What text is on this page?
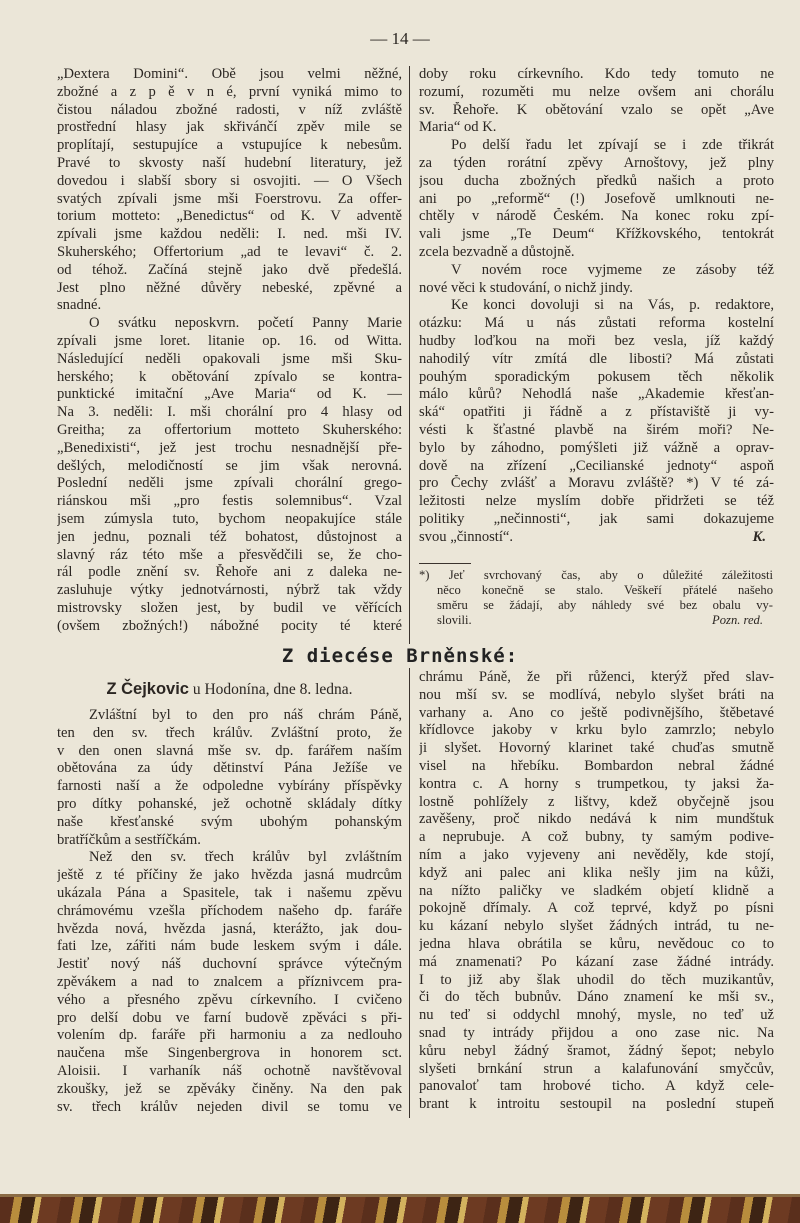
— 14 —
„Dextera Domini“. Obě jsou velmi něžné,
zbožné a z p ě v n é, první vyniká mimo to
čistou náladou zbožné radosti, v níž zvláště
prostřední hlasy jak skřivánčí zpěv mile se
proplítají, sestupujíce a vstupujíce k nebesům.
Pravé to skvosty naší hudební literatury, jež
dovedou i slabší sbory si osvojiti. — O Všech
svatých zpívali jsme mši Foerstrovu. Za offer-
torium motteto: „Benedictus“ od K. V adventě
zpívali jsme každou neděli: I. ned. mši IV.
Skuherského; Offertorium „ad te levavi“ č. 2.
od téhož. Začíná stejně jako dvě předešlá.
Jest plno něžné důvěry nebeské, zpěvné a
snadné.
O svátku neposkvrn. početí Panny Marie
zpívali jsme loret. litanie op. 16. od Witta.
Následující neděli opakovali jsme mši Sku-
herského; k obětování zpívalo se kontra-
punktické imitační „Ave Maria“ od K. —
Na 3. neděli: I. mši chorální pro 4 hlasy od
Greitha; za offertorium motteto Skuherského:
„Benedixisti“, jež jest trochu nesnadnější pře-
dešlých, melodičností se jim však nerovná.
Poslední neděli jsme zpívali chorální grego-
riánskou mši „pro festis solemnibus“. Vzal
jsem zúmysla tuto, bychom neopakujíce stále
jen jednu, poznali též bohatost, důstojnost a
slavný ráz této mše a přesvědčili se, že cho-
rál podle znění sv. Řehoře ani z daleka ne-
zasluhuje výtky jednotvárnosti, nýbrž tak vždy
mistrovsky složen jest, by budil ve věřících
(ovšem zbožných!) nábožné pocity té které
doby roku církevního. Kdo tedy tomuto ne
rozumí, rozuměti mu nelze ovšem ani chorálu
sv. Řehoře. K obětování vzalo se opět „Ave
Maria“ od K.
Po delší řadu let zpívají se i zde třikrát
za týden rorátní zpěvy Arnoštovy, jež plny
jsou ducha zbožných předků našich a proto
ani po „reformě“ (!) Josefově umlknouti ne-
chtěly v národě Českém. Na konec roku zpí-
vali jsme „Te Deum“ Křížkovského, tentokrát
zcela bezvadně a důstojně.
V novém roce vyjmeme ze zásoby též
nové věci k studování, o nichž jindy.
Ke konci dovoluji si na Vás, p. redaktore,
otázku: Má u nás zůstati reforma kostelní
hudby loďkou na moři bez vesla, jíž každý
nahodilý vítr zmítá dle libosti? Má zůstati
pouhým sporadickým pokusem těch několik
málo kůrů? Nehodlá naše „Akademie křesťan-
ská“ opatřiti ji řádně a z přístaviště ji vy-
vésti k šťastné plavbě na širém moři? Ne-
bylo by záhodno, pomýšleti již vážně a oprav-
dově na zřízení „Cecilianské jednoty“ aspoň
pro Čechy zvlášť a Moravu zvláště? *) V té zá-
ležitosti nelze myslím dobře přidržeti se též
politiky „nečinnosti“, jak sami dokazujeme
svou „činností“.	K.
*) Jeť svrchovaný čas, aby o důležité záležitosti
něco konečně se stalo. Veškeří přátelé našeho
směru se žádají, aby náhledy své bez obalu vy-
slovili.	Pozn. red.
Z diecése Brněnské:
Z Čejkovic u Hodonína, dne 8. ledna.
Zvláštní byl to den pro náš chrám Páně,
ten den sv. třech králův. Zvláštní proto, že
v den onen slavná mše sv. dp. farářem naším
obětována za údy dětinství Pána Ježíše ve
farnosti naší a že odpoledne vybírány příspěvky
pro dítky pohanské, jež ochotně skládaly dítky
naše křesťanské svým ubohým pohanským
bratříčkům a sestříčkám.
Než den sv. třech králův byl zvláštním
ještě z té příčiny že jako hvězda jasná mudrcům
ukázala Pána a Spasitele, tak i našemu zpěvu
chrámovému vzešla příchodem našeho dp. faráře
hvězda nová, hvězda jasná, kterážto, jak dou-
fati lze, zářiti nám bude leskem svým i dále.
Jestiť nový náš duchovní správce výtečným
zpěvákem a nad to znalcem a příznivcem pra-
vého a přesného zpěvu církevního. I cvičeno
pro delší dobu ve farní budově zpěváci s při-
volením dp. faráře při harmoniu a za nedlouho
naučena mše Singenbergrova in honorem sct.
Aloisii. I varhaník náš ochotně navštěvoval
zkoušky, jež se zpěváky činěny. Na den pak
sv. třech králův nejeden divil se tomu ve
chrámu Páně, že při růženci, kterýž před slav-
nou mší sv. se modlívá, nebylo slyšet bráti na
varhany a. Ano co ještě podivnějšího, štěbetavé
křídlovce jakoby v krku bylo zamrzlo; nebylo
ji slyšet. Hovorný klarinet také chuďas smutně
visel na hřebíku. Bombardon nebral žádné
kontra c. A horny s trumpetkou, ty jaksi ža-
lostně pohlížely z lištvy, kdež obyčejně jsou
zavěšeny, proč nikdo nedává k nim mundštuk
a neprubuje. A což bubny, ty samým podive-
ním a jako vyjeveny ani nevěděly, kde stojí,
když ani palec ani klika nešly jim na kůži,
na nížto paličky ve sladkém objetí klidně a
pokojně dřímaly. A což teprvé, když po písni
ku kázaní nebylo slyšet žádných intrád, tu ne-
jedna hlava obrátila se kůru, nevědouc co to
má znamenati? Po kázaní zase žádné intrády.
I to již aby šlak uhodil do těch muzikantův,
či do těch bubnův. Dáno znamení ke mši sv.,
nu teď si oddychl mnohý, mysle, no teď už
snad ty intrády přijdou a ono zase nic. Na
kůru nebyl žádný šramot, žádný šepot; nebylo
slyšeti brnkání strun a kalafunování smyčcův,
panovaloť tam hrobové ticho. A když cele-
brant k introitu sestoupil na poslední stupeň
